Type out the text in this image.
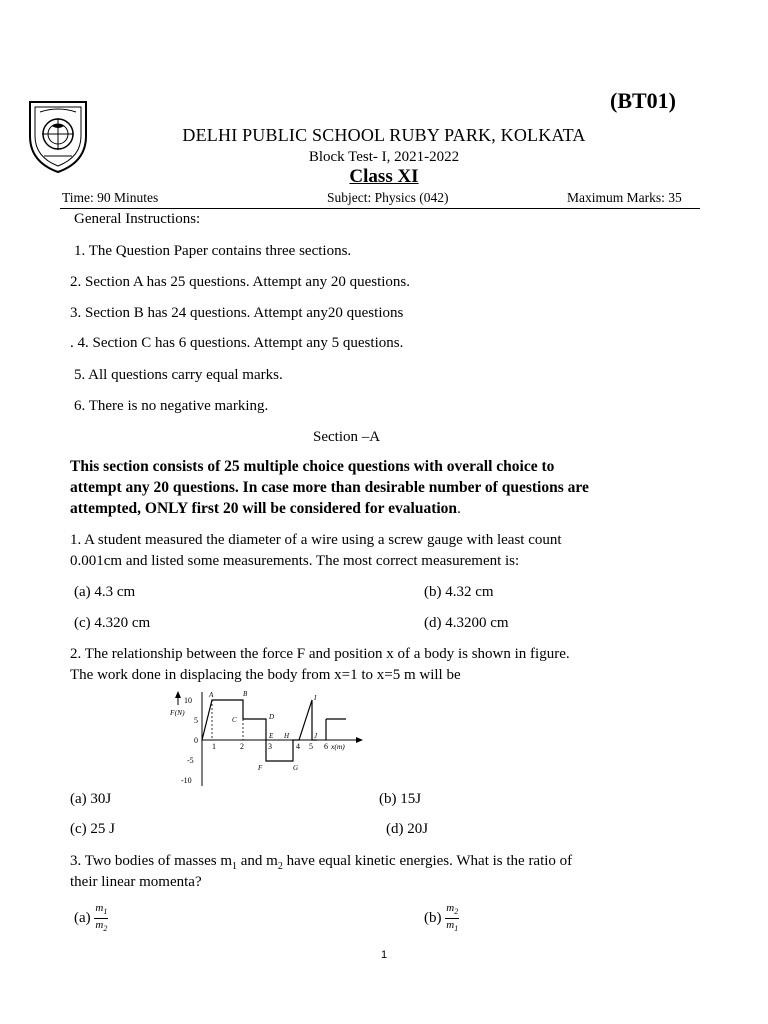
(BT01)
DELHI PUBLIC SCHOOL RUBY PARK, KOLKATA
Block Test- I, 2021-2022
Class XI
Time: 90 Minutes	Subject: Physics (042)	Maximum Marks: 35
General Instructions:
1. The Question Paper contains three sections.
2. Section A has 25 questions. Attempt any 20 questions.
3. Section B has 24 questions. Attempt any20 questions
. 4. Section C has 6 questions. Attempt any 5 questions.
5. All questions carry equal marks.
6. There is no negative marking.
Section –A
This section consists of 25 multiple choice questions with overall choice to
attempt any 20 questions. In case more than desirable number of questions are
attempted, ONLY first 20 will be considered for evaluation.
1. A student measured the diameter of a wire using a screw gauge with least count
0.001cm and listed some measurements. The most correct measurement is:
(a) 4.3 cm	(b) 4.32 cm
(c) 4.320 cm	(d) 4.3200 cm
2. The relationship between the force F and position x of a body is shown in figure.
The work done in displacing the body from x=1 to x=5 m will be
10
5
0
-5
-10
F(N)
1	2	3	4 5 6 x(m)
A	B
C	D
E H
F	G
I
J
(a) 30J	(b) 15J
(c) 25 J	(d) 20J
3. Two bodies of masses $m_1$ and $m_2$ have equal kinetic energies. What is the ratio of
their linear momenta?
$(a) \frac{m_1}{m_2}$	$(b) \frac{m_2}{m_1}$
1
